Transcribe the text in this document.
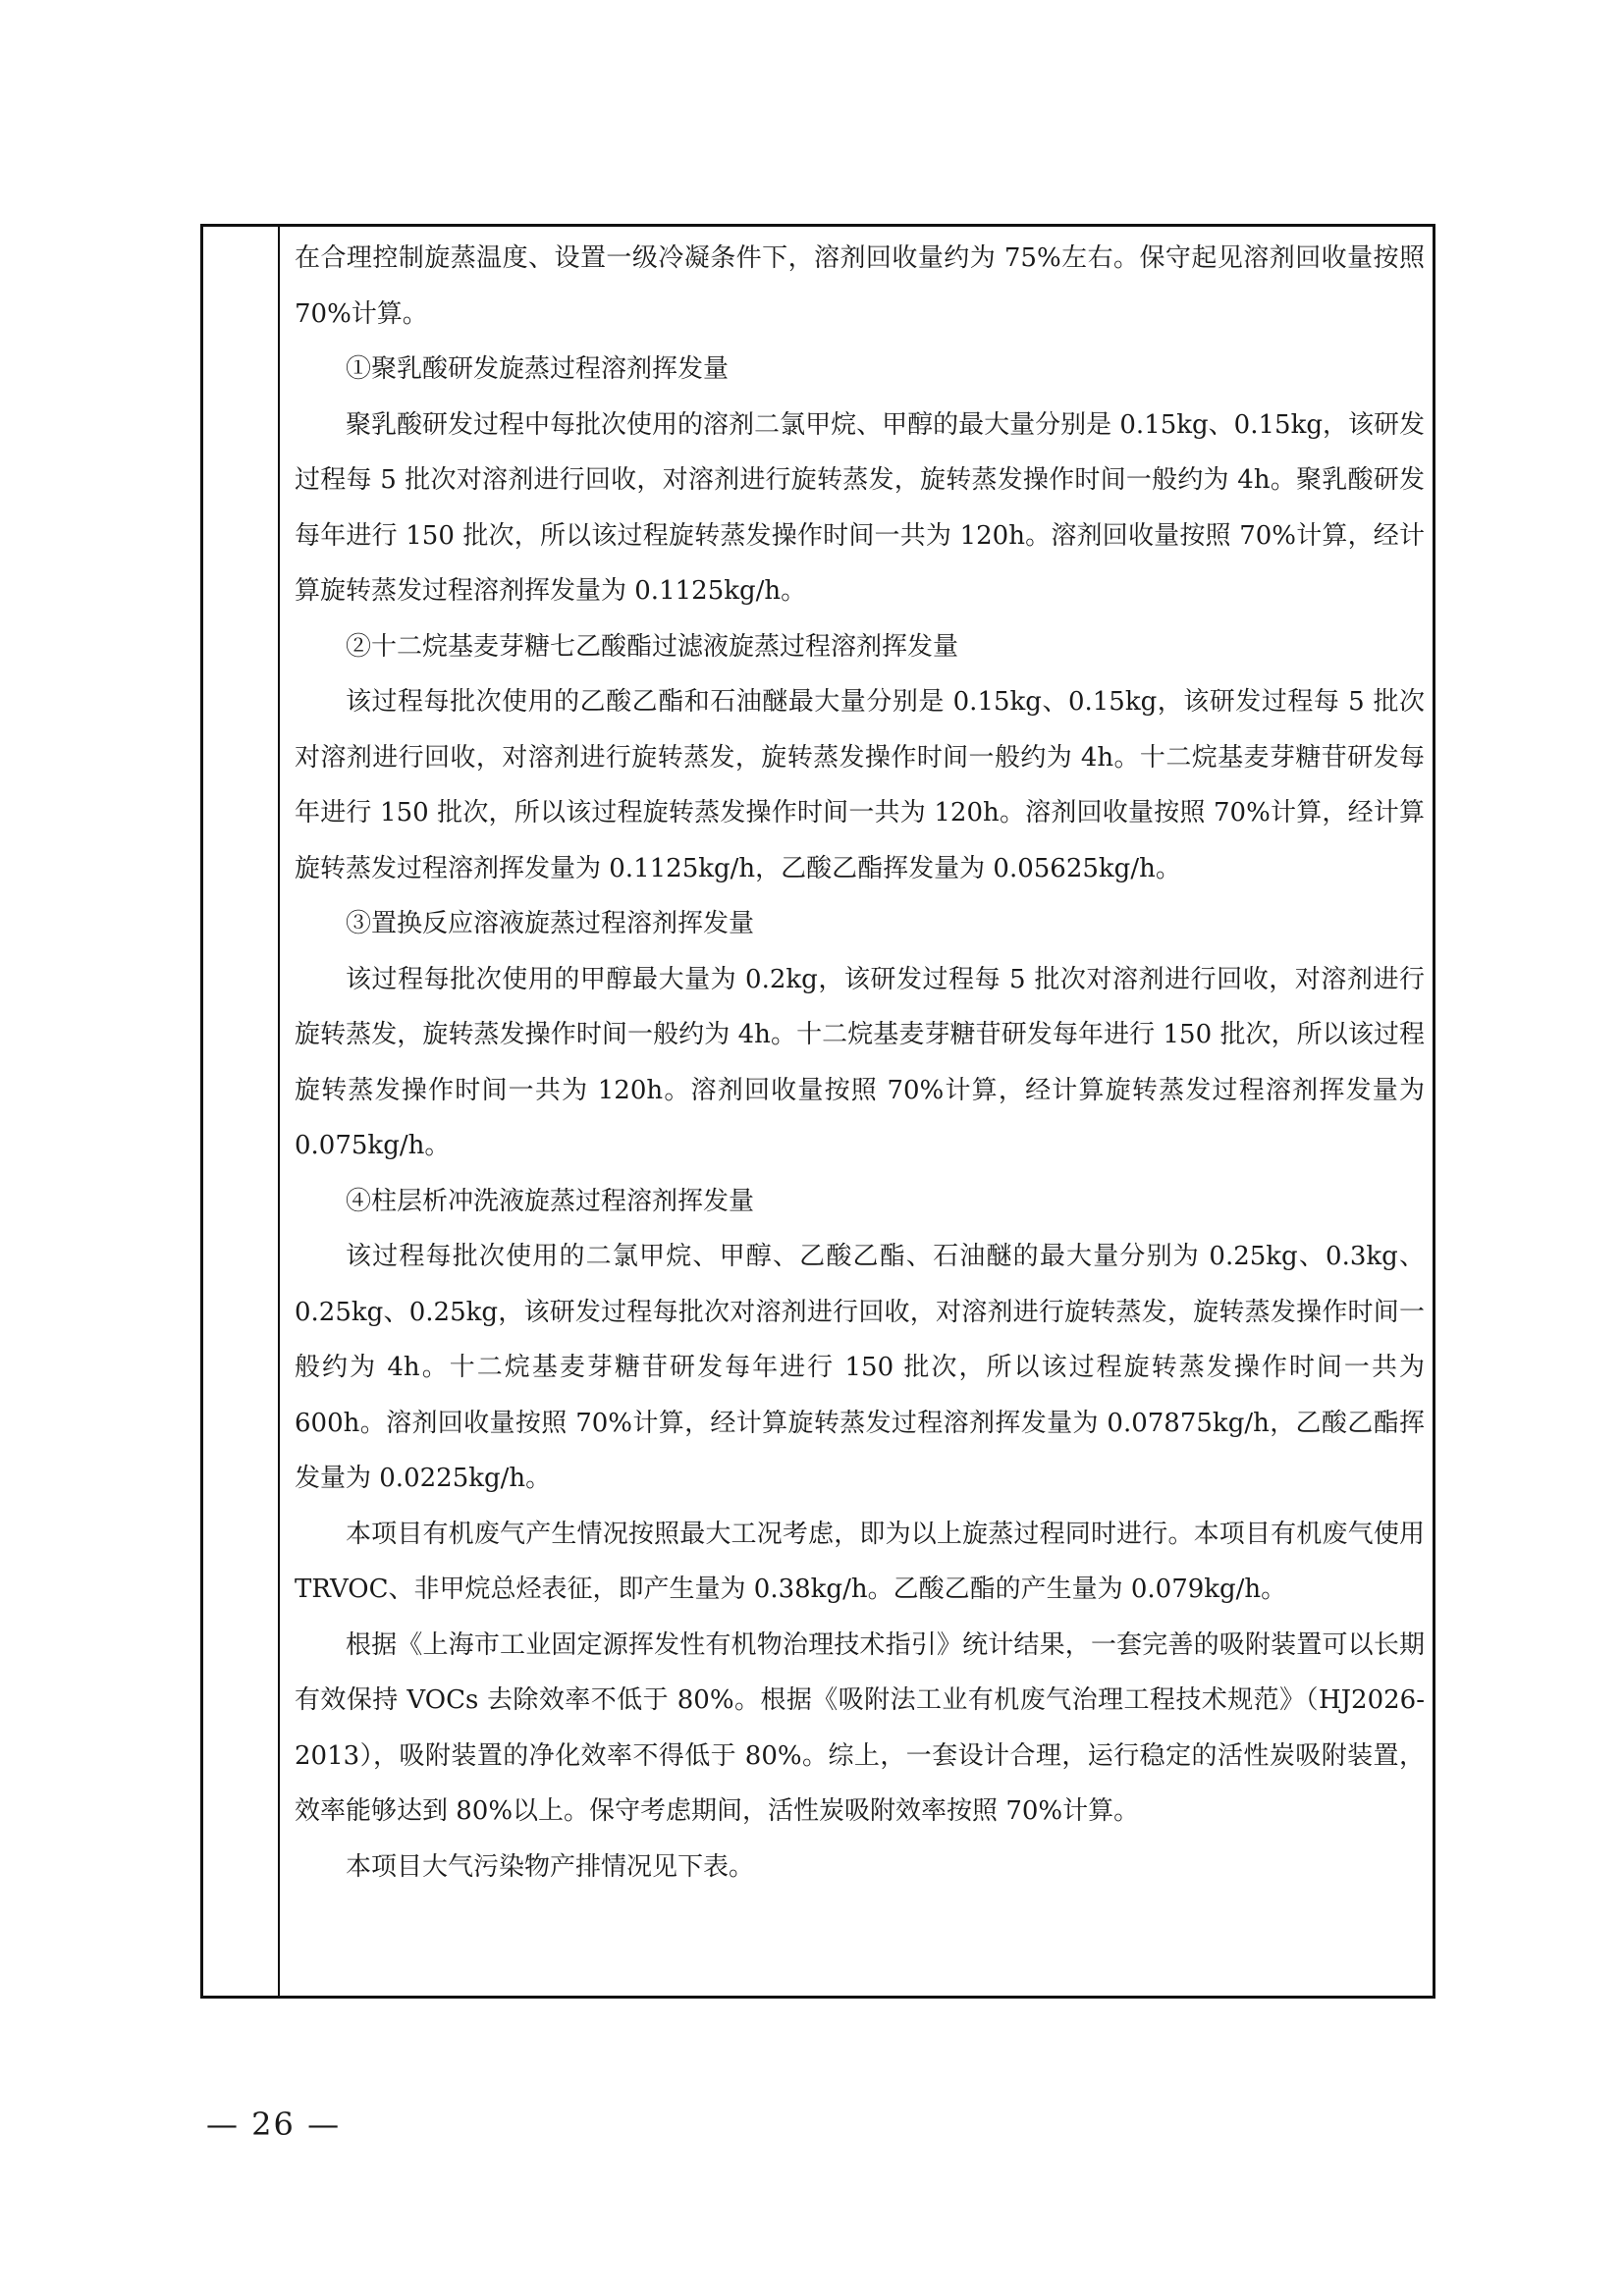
在合理控制旋蒸温度、设置一级冷凝条件下，溶剂回收量约为 75%左右。保守起见溶剂回收量按照 70%计算。

①聚乳酸研发旋蒸过程溶剂挥发量

聚乳酸研发过程中每批次使用的溶剂二氯甲烷、甲醇的最大量分别是 0.15kg、0.15kg，该研发过程每 5 批次对溶剂进行回收，对溶剂进行旋转蒸发，旋转蒸发操作时间一般约为 4h。聚乳酸研发每年进行 150 批次，所以该过程旋转蒸发操作时间一共为 120h。溶剂回收量按照 70%计算，经计算旋转蒸发过程溶剂挥发量为 0.1125kg/h。

②十二烷基麦芽糖七乙酸酯过滤液旋蒸过程溶剂挥发量

该过程每批次使用的乙酸乙酯和石油醚最大量分别是 0.15kg、0.15kg，该研发过程每 5 批次对溶剂进行回收，对溶剂进行旋转蒸发，旋转蒸发操作时间一般约为 4h。十二烷基麦芽糖苷研发每年进行 150 批次，所以该过程旋转蒸发操作时间一共为 120h。溶剂回收量按照 70%计算，经计算旋转蒸发过程溶剂挥发量为 0.1125kg/h，乙酸乙酯挥发量为 0.05625kg/h。

③置换反应溶液旋蒸过程溶剂挥发量

该过程每批次使用的甲醇最大量为 0.2kg，该研发过程每 5 批次对溶剂进行回收，对溶剂进行旋转蒸发，旋转蒸发操作时间一般约为 4h。十二烷基麦芽糖苷研发每年进行 150 批次，所以该过程旋转蒸发操作时间一共为 120h。溶剂回收量按照 70%计算，经计算旋转蒸发过程溶剂挥发量为 0.075kg/h。

④柱层析冲洗液旋蒸过程溶剂挥发量

该过程每批次使用的二氯甲烷、甲醇、乙酸乙酯、石油醚的最大量分别为 0.25kg、0.3kg、0.25kg、0.25kg，该研发过程每批次对溶剂进行回收，对溶剂进行旋转蒸发，旋转蒸发操作时间一般约为 4h。十二烷基麦芽糖苷研发每年进行 150 批次，所以该过程旋转蒸发操作时间一共为 600h。溶剂回收量按照 70%计算，经计算旋转蒸发过程溶剂挥发量为 0.07875kg/h，乙酸乙酯挥发量为 0.0225kg/h。

本项目有机废气产生情况按照最大工况考虑，即为以上旋蒸过程同时进行。本项目有机废气使用 TRVOC、非甲烷总烃表征，即产生量为 0.38kg/h。乙酸乙酯的产生量为 0.079kg/h。

根据《上海市工业固定源挥发性有机物治理技术指引》统计结果，一套完善的吸附装置可以长期有效保持 VOCs 去除效率不低于 80%。根据《吸附法工业有机废气治理工程技术规范》（HJ2026-2013），吸附装置的净化效率不得低于 80%。综上，一套设计合理，运行稳定的活性炭吸附装置，效率能够达到 80%以上。保守考虑期间，活性炭吸附效率按照 70%计算。

本项目大气污染物产排情况见下表。

— 26 —
